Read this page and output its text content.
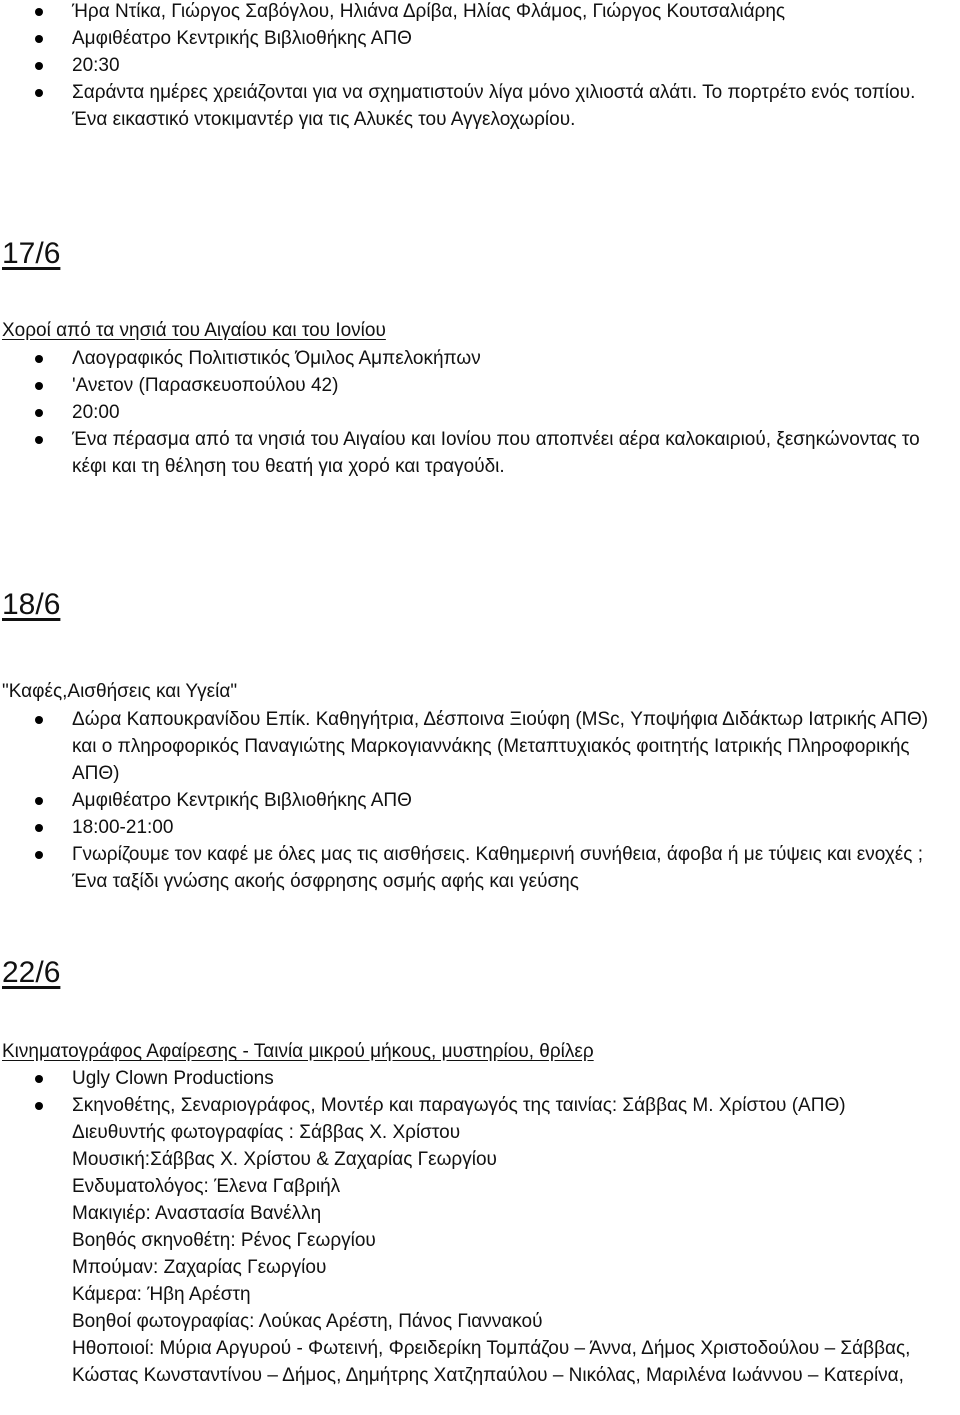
Ήρα Ντίκα, Γιώργος Σαβόγλου, Ηλιάνα Δρίβα, Ηλίας Φλάμος, Γιώργος Κουτσαλιάρης
Αμφιθέατρο Κεντρικής Βιβλιοθήκης ΑΠΘ
20:30
Σαράντα ημέρες χρειάζονται για να σχηματιστούν λίγα μόνο χιλιοστά αλάτι. Το πορτρέτο ενός τοπίου. Ένα εικαστικό ντοκιμαντέρ για τις Αλυκές του Αγγελοχωρίου.
17/6
Χοροί από τα νησιά του Αιγαίου και του Ιονίου
Λαογραφικός Πολιτιστικός Όμιλος Αμπελοκήπων
'Ανετον (Παρασκευοπούλου 42)
20:00
Ένα πέρασμα από τα νησιά του Αιγαίου και Ιονίου που αποπνέει αέρα καλοκαιριού, ξεσηκώνοντας το κέφι και τη θέληση του θεατή για χορό και τραγούδι.
18/6
"Καφές,Αισθήσεις και Υγεία"
Δώρα Καπουκρανίδου Επίκ. Καθηγήτρια, Δέσποινα Ξιούφη (MSc, Υποψήφια Διδάκτωρ Ιατρικής ΑΠΘ) και ο πληροφορικός Παναγιώτης Μαρκογιαννάκης (Μεταπτυχιακός φοιτητής Ιατρικής Πληροφορικής ΑΠΘ)
Αμφιθέατρο Κεντρικής Βιβλιοθήκης ΑΠΘ
18:00-21:00
Γνωρίζουμε τον καφέ με όλες μας τις αισθήσεις. Καθημερινή συνήθεια, άφοβα ή με τύψεις και ενοχές ; Ένα ταξίδι γνώσης ακοής όσφρησης οσμής αφής και γεύσης
22/6
Κινηματογράφος Αφαίρεσης - Ταινία μικρού μήκους, μυστηρίου, θρίλερ
Ugly Clown Productions
Σκηνοθέτης, Σεναριογράφος, Μοντέρ και παραγωγός της ταινίας: Σάββας Μ. Χρίστου (ΑΠΘ)
Διευθυντής φωτογραφίας : Σάββας Χ. Χρίστου
Μουσική:Σάββας Χ. Χρίστου & Ζαχαρίας Γεωργίου
Ενδυματολόγος: Έλενα Γαβριήλ
Μακιγιέρ: Αναστασία Βανέλλη
Βοηθός σκηνοθέτη: Ρένος Γεωργίου
Μπούμαν: Ζαχαρίας Γεωργίου
Κάμερα: Ήβη Αρέστη
Βοηθοί φωτογραφίας: Λούκας Αρέστη, Πάνος Γιαννακού
Ηθοποιοί: Μύρια Αργυρού - Φωτεινή, Φρειδερίκη Τομπάζου – Άννα, Δήμος Χριστοδούλου – Σάββας, Κώστας Κωνσταντίνου – Δήμος, Δημήτρης Χατζηπαύλου – Νικόλας, Μαριλένα Ιωάννου – Κατερίνα,
